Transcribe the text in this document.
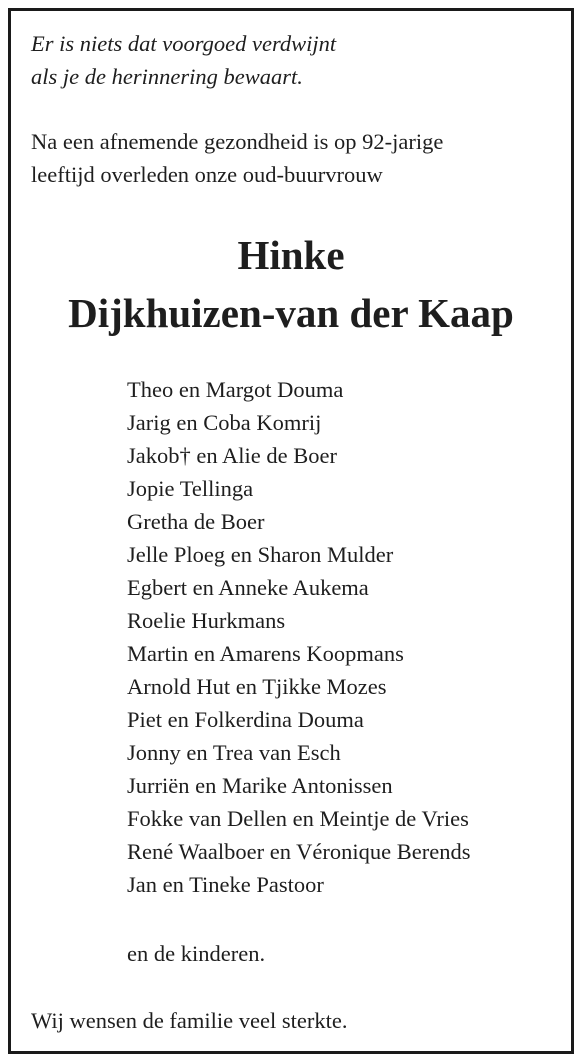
Er is niets dat voorgoed verdwijnt
als je de herinnering bewaart.

Na een afnemende gezondheid is op 92-jarige
leeftijd overleden onze oud-buurvrouw

Hinke
Dijkhuizen-van der Kaap
Theo en Margot Douma
Jarig en Coba Komrij
Jakob† en Alie de Boer
Jopie Tellinga
Gretha de Boer
Jelle Ploeg en Sharon Mulder
Egbert en Anneke Aukema
Roelie Hurkmans
Martin en Amarens Koopmans
Arnold Hut en Tjikke Mozes
Piet en Folkerdina Douma
Jonny en Trea van Esch
Jurriën en Marike Antonissen
Fokke van Dellen en Meintje de Vries
René Waalboer en Véronique Berends
Jan en Tineke Pastoor

en de kinderen.

Wij wensen de familie veel sterkte.
